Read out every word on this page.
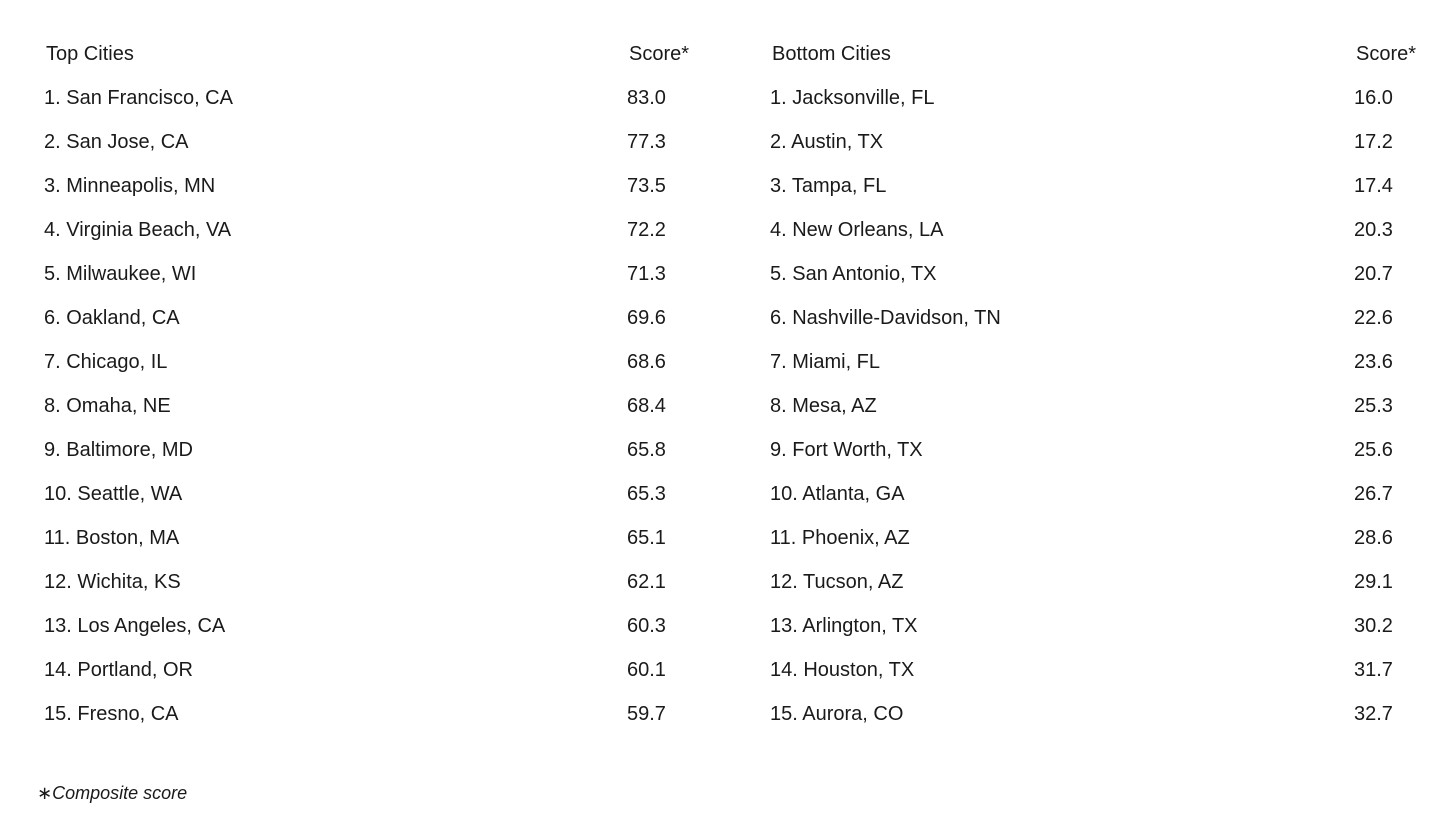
Top Cities	Score*
1. San Francisco, CA	83.0
2. San Jose, CA	77.3
3. Minneapolis, MN	73.5
4. Virginia Beach, VA	72.2
5. Milwaukee, WI	71.3
6. Oakland, CA	69.6
7. Chicago, IL	68.6
8. Omaha, NE	68.4
9. Baltimore, MD	65.8
10. Seattle, WA	65.3
11. Boston, MA	65.1
12. Wichita, KS	62.1
13. Los Angeles, CA	60.3
14. Portland, OR	60.1
15. Fresno, CA	59.7
Bottom Cities	Score*
1. Jacksonville, FL	16.0
2. Austin, TX	17.2
3. Tampa, FL	17.4
4. New Orleans, LA	20.3
5. San Antonio, TX	20.7
6. Nashville-Davidson, TN	22.6
7. Miami, FL	23.6
8. Mesa, AZ	25.3
9. Fort Worth, TX	25.6
10. Atlanta, GA	26.7
11. Phoenix, AZ	28.6
12. Tucson, AZ	29.1
13. Arlington, TX	30.2
14. Houston, TX	31.7
15. Aurora, CO	32.7
∗Composite score
